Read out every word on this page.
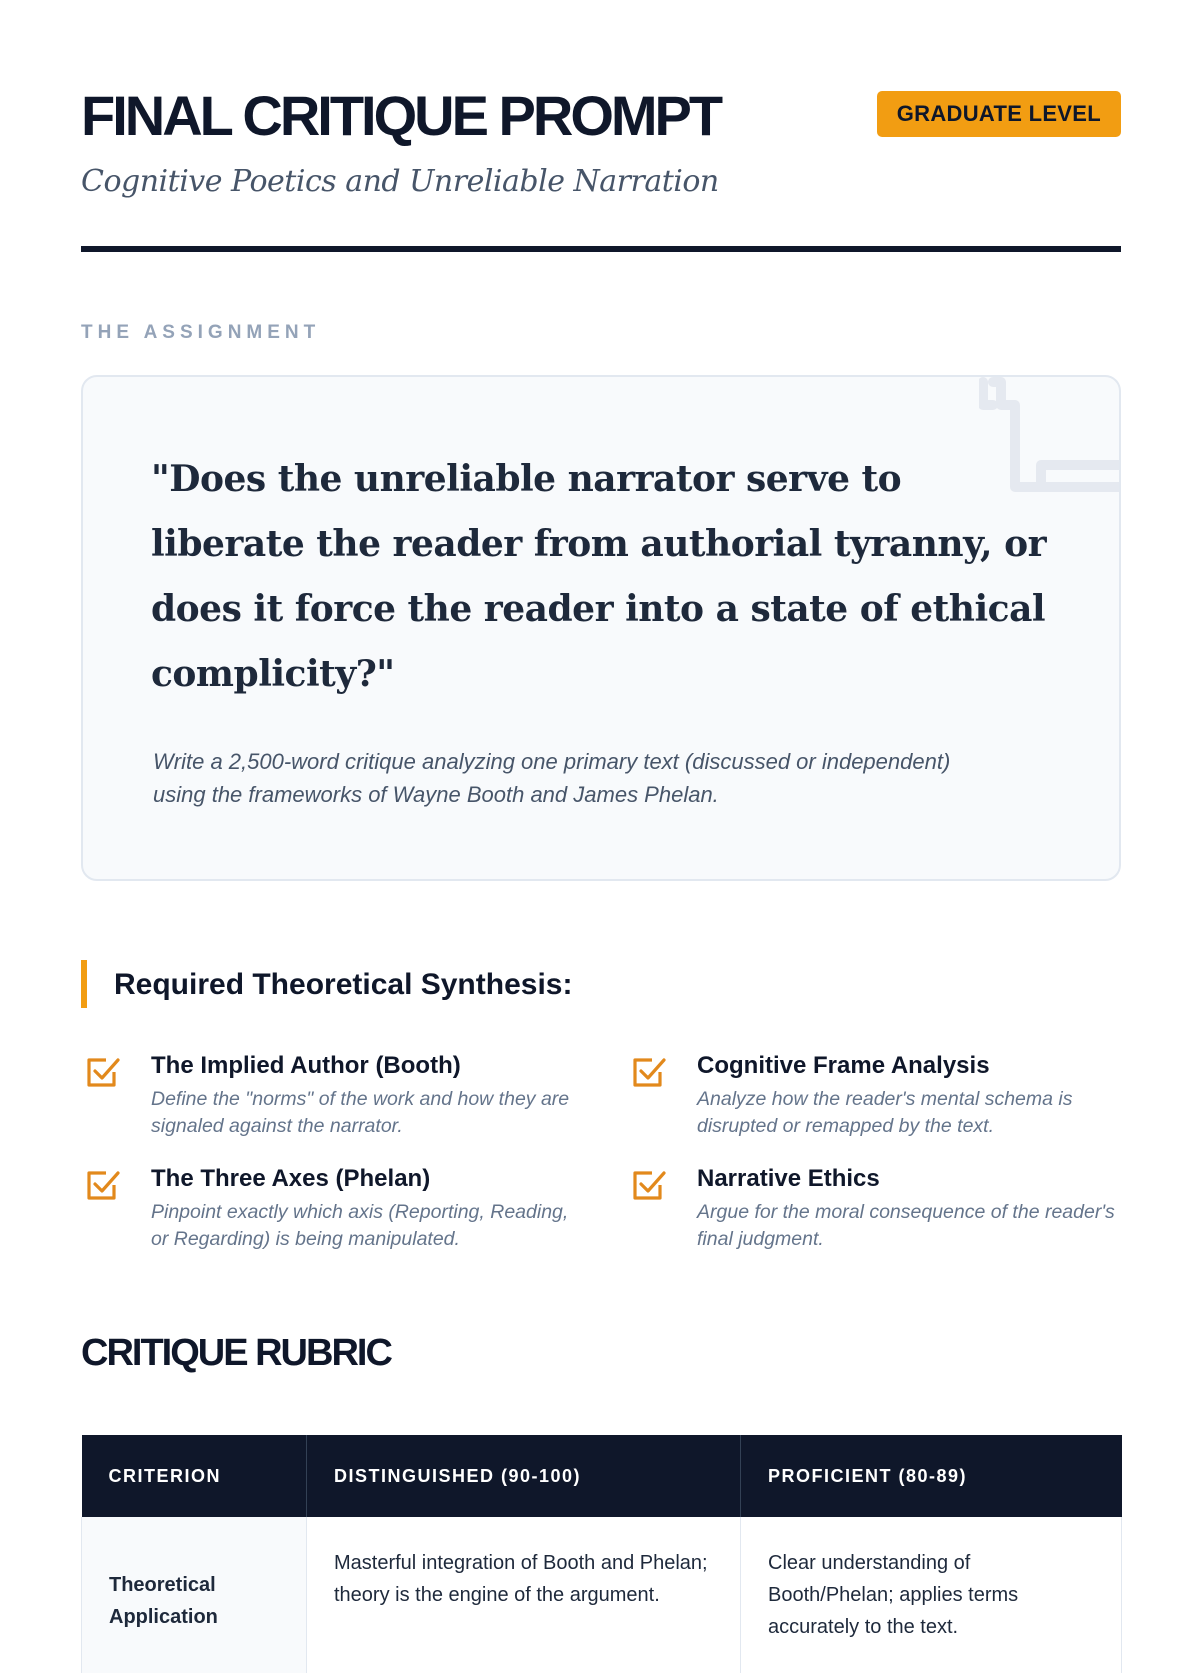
FINAL CRITIQUE PROMPT	GRADUATE LEVEL

Cognitive Poetics and Unreliable Narration

THE ASSIGNMENT

"Does the unreliable narrator serve to liberate the reader from authorial tyranny, or does it force the reader into a state of ethical complicity?"

Write a 2,500-word critique analyzing one primary text (discussed or independent) using the frameworks of Wayne Booth and James Phelan.

Required Theoretical Synthesis:
The Implied Author (Booth)
Define the "norms" of the work and how they are signaled against the narrator.
Cognitive Frame Analysis
Analyze how the reader's mental schema is disrupted or remapped by the text.
The Three Axes (Phelan)
Pinpoint exactly which axis (Reporting, Reading, or Regarding) is being manipulated.
Narrative Ethics
Argue for the moral consequence of the reader's final judgment.
CRITIQUE RUBRIC
CRITERION	DISTINGUISHED (90-100)	PROFICIENT (80-89)
Theoretical Application	Masterful integration of Booth and Phelan; theory is the engine of the argument.	Clear understanding of Booth/Phelan; applies terms accurately to the text.
